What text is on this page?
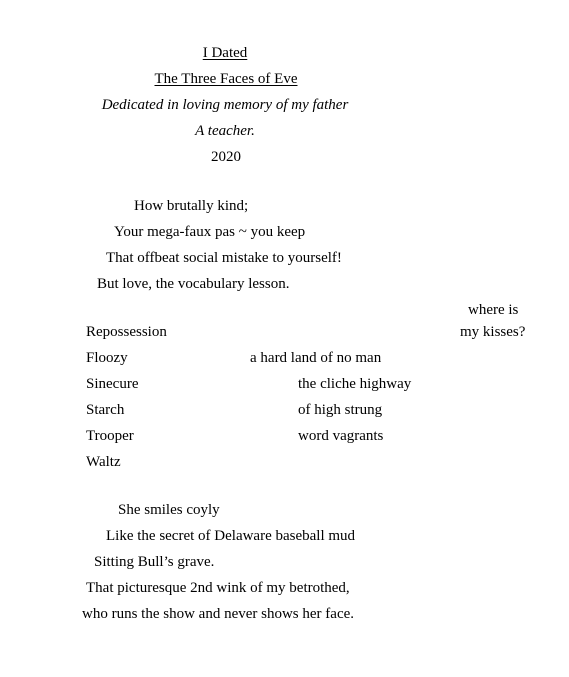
I Dated
The Three Faces of Eve
Dedicated in loving memory of my father
A teacher.
2020
How brutally kind;
Your mega-faux pas ~ you keep
That offbeat social mistake to yourself!
But love, the vocabulary lesson.
where is
my kisses?
Repossession
Floozy
Sinecure
Starch
Trooper
Waltz
a hard land of no man
the cliche highway
of high strung
word vagrants
She smiles coyly
Like the secret of Delaware baseball mud
Sitting Bull’s grave.
That picturesque 2nd wink of my betrothed,
who runs the show and never shows her face.
